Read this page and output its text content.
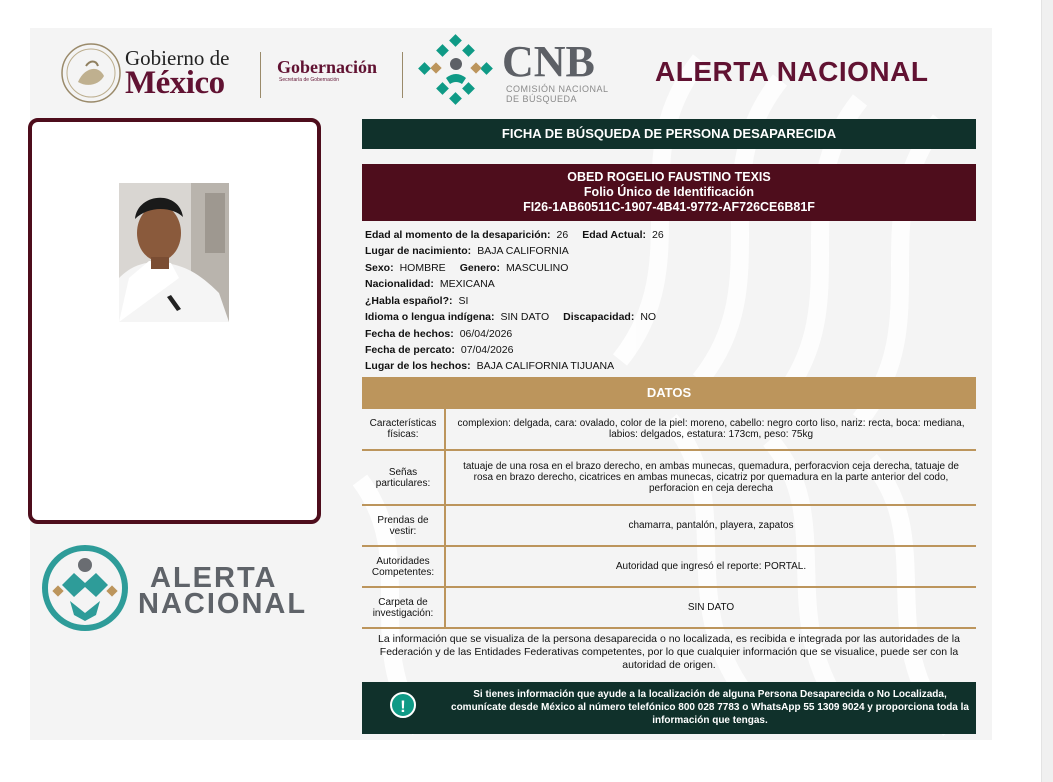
Gobierno de
México	Gobernación
Secretaría de Gobernación	CNB
COMISIÓN NACIONAL
DE BÚSQUEDA
ALERTA NACIONAL
ALERTA
NACIONAL
FICHA DE BÚSQUEDA DE PERSONA DESAPARECIDA
OBED ROGELIO FAUSTINO TEXIS
Folio Único de Identificación
FI26-1AB60511C-1907-4B41-9772-AF726CE6B81F
Edad al momento de la desaparición: 26 Edad Actual: 26
Lugar de nacimiento: BAJA CALIFORNIA
Sexo: HOMBRE Genero: MASCULINO
Nacionalidad: MEXICANA
¿Habla español?: SI
Idioma o lengua indígena: SIN DATO Discapacidad: NO
Fecha de hechos: 06/04/2026
Fecha de percato: 07/04/2026
Lugar de los hechos: BAJA CALIFORNIA TIJUANA
DATOS
Características físicas:	complexion: delgada, cara: ovalado, color de la piel: moreno, cabello: negro corto liso, nariz: recta, boca: mediana, labios: delgados, estatura: 173cm, peso: 75kg
Señas particulares:	tatuaje de una rosa en el brazo derecho, en ambas munecas, quemadura, perforacvion ceja derecha, tatuaje de rosa en brazo derecho, cicatrices en ambas munecas, cicatriz por quemadura en la parte anterior del codo, perforacion en ceja derecha
Prendas de vestir:	chamarra, pantalón, playera, zapatos
Autoridades Competentes:	Autoridad que ingresó el reporte: PORTAL.
Carpeta de investigación:	SIN DATO
La información que se visualiza de la persona desaparecida o no localizada, es recibida e integrada por las autoridades de la Federación y de las Entidades Federativas competentes, por lo que cualquier información que se visualice, puede ser con la autoridad de origen.
!
Si tienes información que ayude a la localización de alguna Persona Desaparecida o No Localizada, comunícate desde México al número telefónico 800 028 7783 o WhatsApp 55 1309 9024 y proporciona toda la información que tengas.
